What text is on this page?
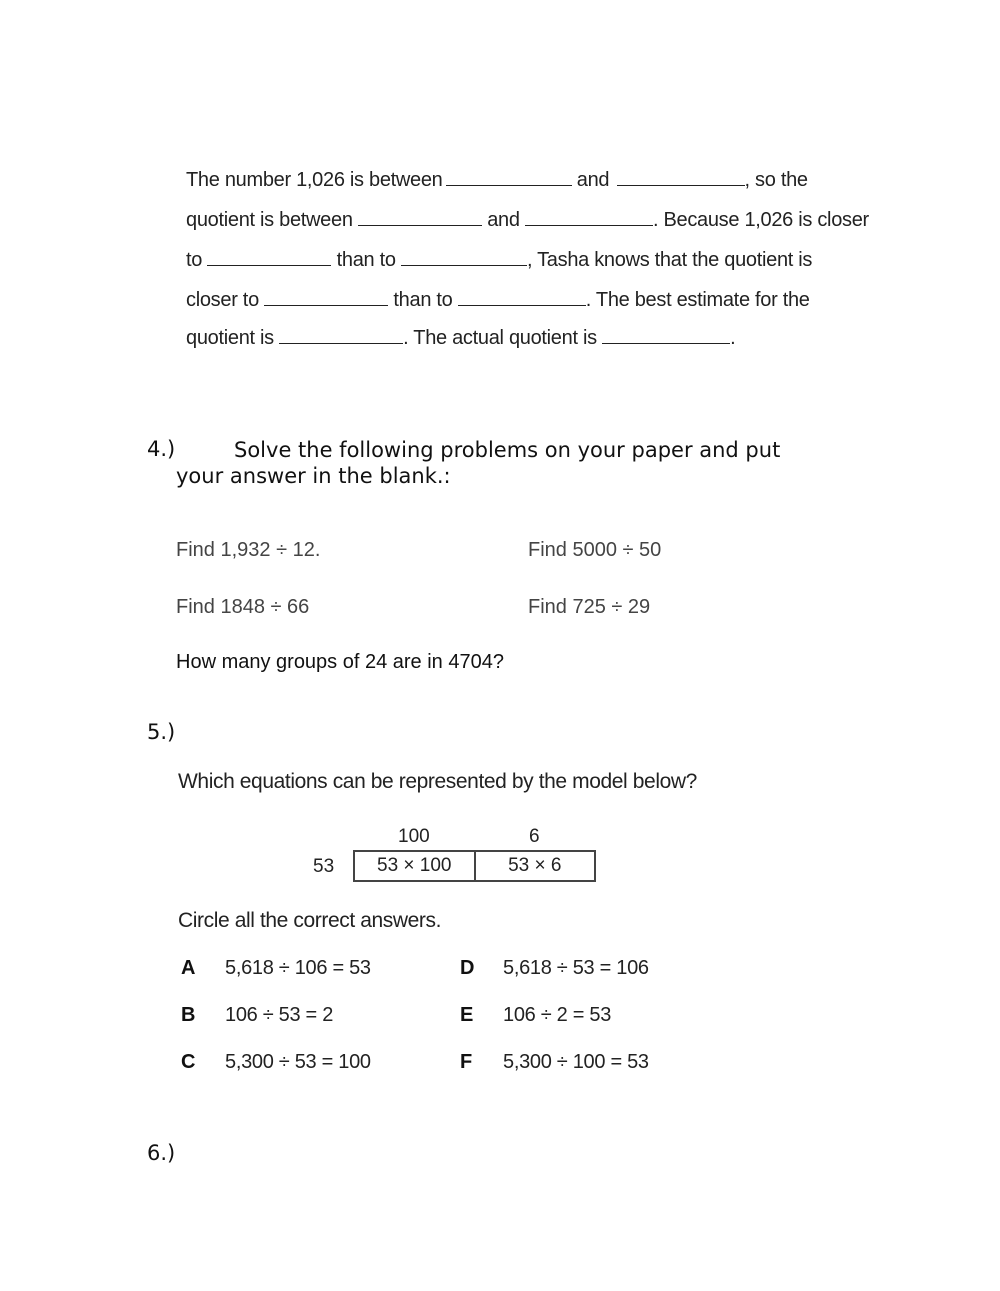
The number 1,026 is between	and	, so the
quotient is between	and	. Because 1,026 is closer
to	than to	, Tasha knows that the quotient is
closer to	than to	. The best estimate for the
quotient is	. The actual quotient is	.
4.)	Solve the following problems on your paper and put
your answer in the blank.:
Find 1,932 ÷ 12.	Find 5000 ÷ 50
Find 1848 ÷ 66	Find 725 ÷ 29
How many groups of 24 are in 4704?
5.)
Which equations can be represented by the model below?
100	6
53	53 × 100	53 × 6
Circle all the correct answers.
A 5,618 ÷ 106 = 53
B 106 ÷ 53 = 2
C 5,300 ÷ 53 = 100
D 5,618 ÷ 53 = 106
E 106 ÷ 2 = 53
F 5,300 ÷ 100 = 53
6.)
